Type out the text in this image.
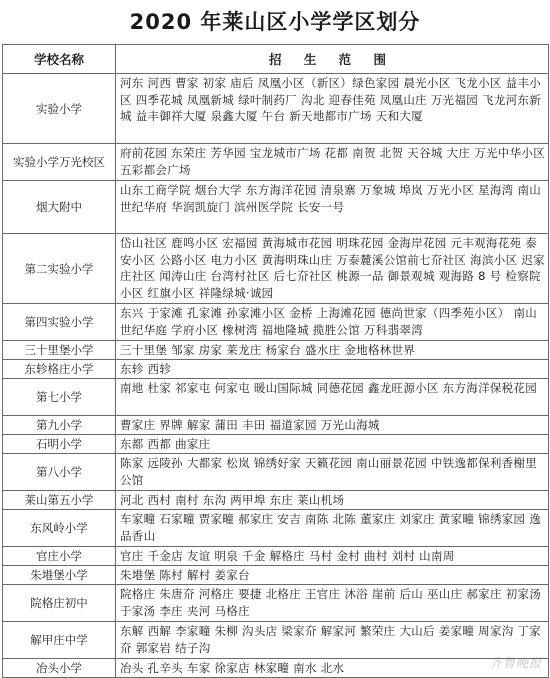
2020 年莱山区小学学区划分
学校名称	招 生 范 围
实验小学	河东 河西 曹家 初家 庙后 凤凰小区（新区）绿色家园 晨光小区 飞龙小区 益丰小区 四季花城 凤凰新城 绿叶制药厂 沟北 迎春佳苑 凤凰山庄 万光福园 飞龙河东新城 益丰御祥大厦 泉鑫大厦 午台 新天地都市广场 天和大厦
实验小学万光校区	府前花园 东荣庄 芳华园 宝龙城市广场 花都 南贺 北贺 天谷城 大庄 万光中华小区 五彩都会广场
烟大附中	山东工商学院 烟台大学 东方海洋花园 清泉寨 万象城 埠岚 万光小区 星海湾 南山世纪华府 华润凯旋门 滨州医学院 长安一号
第二实验小学	岱山社区 鹿鸣小区 宏福园 黄海城市花园 明珠花园 金海岸花园 元丰观海花苑 泰安小区 公路小区 电力小区 黄海明珠山庄 万泰麓溪公馆前七夼社区 海滨小区 迟家庄社区 闻涛山庄 台湾村社区 后七夼社区 桃源一品 御景观城 观海路 8 号 检察院小区 红旗小区 祥隆绿城·诚园
第四实验小学	东兴 于家滩 孔家滩 孙家滩小区 金桥 上海滩花园 德尚世家（四季苑小区） 南山世纪华庭 学府小区 橡树湾 福地隆城 揽胜公馆 万科翡翠湾
三十里堡小学	三十里堡 邹家 房家 莱龙庄 杨家台 盛水庄 金地格林世界
东轸格庄小学	东轸 西轸
第七小学	南地 杜家 祁家屯 何家屯 暖山国际城 同德花园 鑫龙旺源小区 东方海洋保税花园
第九小学	曹家庄 界牌 解家 蒲田 丰田 福道家园 万光山海城
石明小学	东都 西都 曲家庄
第八小学	陈家 远陵孙 大都家 松岚 锦绣好家 天籁花园 南山丽景花园 中铁逸都保利香榭里公馆
莱山第五小学	河北 西村 南村 东沟 两甲埠 东庄 莱山机场
东风岭小学	车家疃 石家疃 贾家疃 郝家庄 安吉 南陈 北陈 董家庄 刘家庄 黄家疃 锦绣家园 逸品香山
官庄小学	官庄 千金店 友谊 明泉 千金 解格庄 马村 金村 曲村 刘村 山南周
朱塂堡小学	朱塂堡 陈村 解村 姜家台
院格庄初中	院格庄 朱唐夼 河格庄 要捷 北格庄 王官庄 沐浴 崖前 后山 巫山庄 郝家庄 初家汤 于家汤 李庄 夹河 马格庄
解甲庄中学	东解 西解 李家疃 朱柳 沟头店 梁家夼 解家河 繁荣庄 大山后 姜家疃 周家沟 丁家夼 郭家岩 结子沟
冶头小学	冶头 孔辛头 车家 徐家店 林家疃 南水 北水	齐鲁晚报
